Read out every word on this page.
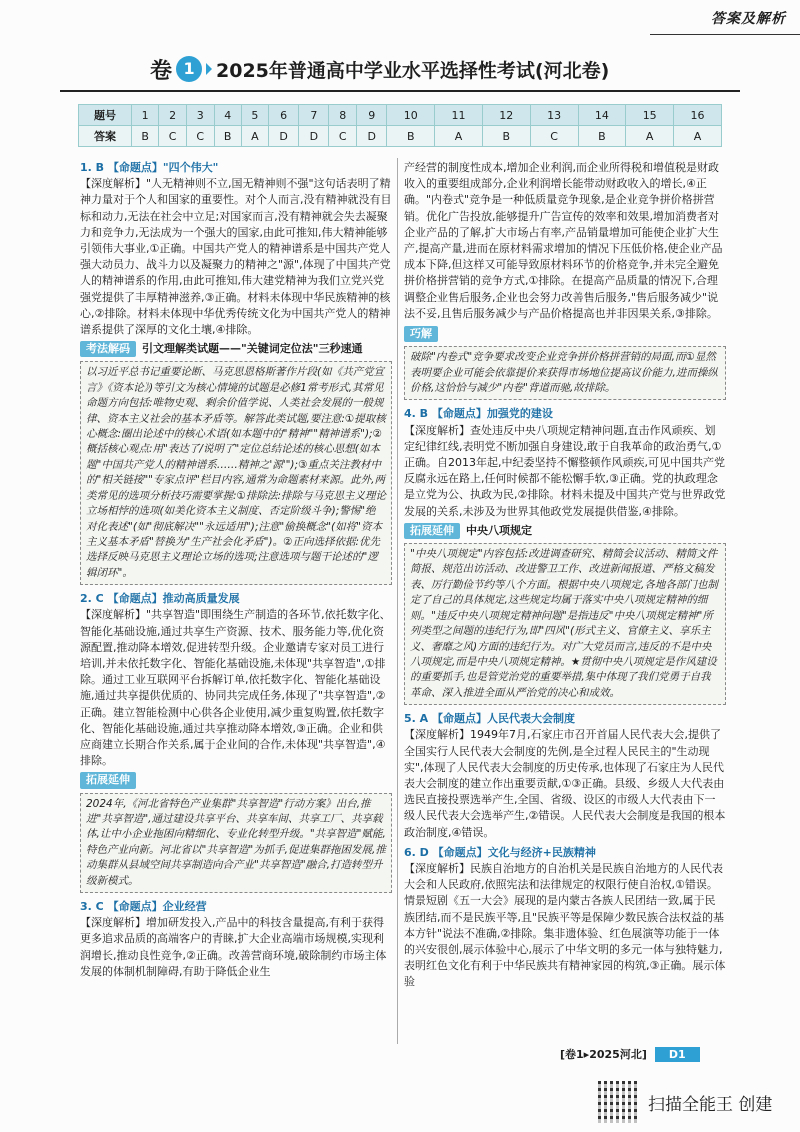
答案及解析
卷 1	2025年普通高中学业水平选择性考试(河北卷)
题号	1	2	3	4	5	6	7	8	9	10	11	12	13	14	15	16
答案	B	C	C	B	A	D	D	C	D	B	A	B	C	B	A	A
1. B 【命题点】"四个伟大"
【深度解析】"人无精神则不立,国无精神则不强"这句话表明了精神力量对于个人和国家的重要性。对个人而言,没有精神就没有目标和动力,无法在社会中立足;对国家而言,没有精神就会失去凝聚力和竞争力,无法成为一个强大的国家,由此可推知,伟大精神能够引领伟大事业,①正确。中国共产党人的精神谱系是中国共产党人强大动员力、战斗力以及凝聚力的精神之"源",体现了中国共产党人的精神谱系的作用,由此可推知,伟大建党精神为我们立党兴党强党提供了丰厚精神滋养,③正确。材料未体现中华民族精神的核心,②排除。材料未体现中华优秀传统文化为中国共产党人的精神谱系提供了深厚的文化土壤,④排除。
考法解码 引文理解类试题——"关键词定位法"三秒速通
以习近平总书记重要论断、马克思恩格斯著作片段(如《共产党宣言》《资本论》)等引文为核心情境的试题是必修1常考形式,其常见命题方向包括:唯物史观、剩余价值学说、人类社会发展的一般规律、资本主义社会的基本矛盾等。解答此类试题,要注意:①提取核心概念:圈出论述中的核心术语(如本题中的"精神""精神谱系");②概括核心观点:用"表达了/说明了"定位总结论述的核心思想(如本题"中国共产党人的精神谱系……精神之'源'");③重点关注教材中的"相关链接""专家点评"栏目内容,通常为命题素材来源。此外,两类常见的选项分析技巧需要掌握:①排除法:排除与马克思主义理论立场相悖的选项(如美化资本主义制度、否定阶级斗争);警惕"绝对化表述"(如"彻底解决""永远适用");注意"偷换概念"(如将"资本主义基本矛盾"替换为"生产社会化矛盾")。②正向选择依据:优先选择反映马克思主义理论立场的选项;注意选项与题干论述的"逻辑闭环"。
2. C 【命题点】推动高质量发展
【深度解析】"共享智造"即围绕生产制造的各环节,依托数字化、智能化基础设施,通过共享生产资源、技术、服务能力等,优化资源配置,推动降本增效,促进转型升级。企业邀请专家对员工进行培训,并未依托数字化、智能化基础设施,未体现"共享智造",①排除。通过工业互联网平台拆解订单,依托数字化、智能化基础设施,通过共享提供优质的、协同共完成任务,体现了"共享智造",②正确。建立智能检测中心供各企业使用,减少重复购置,依托数字化、智能化基础设施,通过共享推动降本增效,③正确。企业和供应商建立长期合作关系,属于企业间的合作,未体现"共享智造",④排除。
拓展延伸
2024年,《河北省特色产业集群"共享智造"行动方案》出台,推进"共享智造",通过建设共享平台、共享车间、共享工厂、共享载体,让中小企业拖困向精细化、专业化转型升级。"共享智造"赋能,特色产业向新。河北省以"共享智造"为抓手,促进集群拖困发展,推动集群从县域空间共享制造向合产业"共享智造"融合,打造转型升级新模式。
3. C 【命题点】企业经营
【深度解析】增加研发投入,产品中的科技含量提高,有利于获得更多追求品质的高端客户的青睐,扩大企业高端市场规模,实现利润增长,推动良性竞争,②正确。改善营商环境,破除制约市场主体发展的体制机制障碍,有助于降低企业生
产经营的制度性成本,增加企业利润,而企业所得税和增值税是财政收入的重要组成部分,企业利润增长能带动财政收入的增长,④正确。"内卷式"竞争是一种低质量竞争现象,是企业竞争拼价格拼营销。优化广告投放,能够提升广告宣传的效率和效果,增加消费者对企业产品的了解,扩大市场占有率,产品销量增加可能使企业扩大生产,提高产量,进而在原材料需求增加的情况下压低价格,使企业产品成本下降,但这样又可能导致原材料环节的价格竞争,并未完全避免拼价格拼营销的竞争方式,①排除。在提高产品质量的情况下,合理调整企业售后服务,企业也会努力改善售后服务,"售后服务减少"说法不妥,且售后服务减少与产品价格提高也并非因果关系,③排除。
巧解
破除"内卷式"竞争要求改变企业竞争拼价格拼营销的局面,而①显然表明要企业可能会依靠提价来获得市场地位提高议价能力,进而操纵价格,这恰恰与减少"内卷"背道而驰,故排除。
4. B 【命题点】加强党的建设
【深度解析】查处违反中央八项规定精神问题,直击作风顽疾、划定纪律红线,表明党不断加强自身建设,敢于自我革命的政治勇气,①正确。自2013年起,中纪委坚持不懈整顿作风顽疾,可见中国共产党反腐永远在路上,任何时候都不能松懈手软,③正确。党的执政理念是立党为公、执政为民,②排除。材料未提及中国共产党与世界政党发展的关系,未涉及为世界其他政党发展提供借鉴,④排除。
拓展延伸 中央八项规定
"中央八项规定"内容包括:改进调查研究、精简会议活动、精简文件简报、规范出访活动、改进警卫工作、改进新闻报道、严格文稿发表、厉行勤俭节约等八个方面。根据中央八项规定,各地各部门也制定了自己的具体规定,这些规定均属于落实中央八项规定精神的细则。"违反中央八项规定精神问题"是指违反"中央八项规定精神"所列类型之间题的违纪行为,即"四风"(形式主义、官僚主义、享乐主义、奢靡之风)方面的违纪行为。对广大党员而言,违反的不是中央八项规定,而是中央八项规定精神。★贯彻中央八项规定是作风建设的重要抓手,也是管党治党的重要举措,集中体现了我们党勇于自我革命、深入推进全面从严治党的决心和成效。
5. A 【命题点】人民代表大会制度
【深度解析】1949年7月,石家庄市召开首届人民代表大会,提供了全国实行人民代表大会制度的先例,是全过程人民民主的"生动现实",体现了人民代表大会制度的历史传承,也体现了石家庄为人民代表大会制度的建立作出重要贡献,①③正确。县级、乡级人大代表由选民直接投票选举产生,全国、省级、设区的市级人大代表由下一级人民代表大会选举产生,②错误。人民代表大会制度是我国的根本政治制度,④错误。
6. D 【命题点】文化与经济+民族精神
【深度解析】民族自治地方的自治机关是民族自治地方的人民代表大会和人民政府,依照宪法和法律规定的权限行使自治权,①错误。情景短剧《五一大会》展现的是内蒙古各族人民团结一致,属于民族团结,而不是民族平等,且"民族平等是保障少数民族合法权益的基本方针"说法不准确,②排除。集非遗体验、红色展演等功能于一体的兴安很创,展示体验中心,展示了中华文明的多元一体与独特魅力,表明红色文化有利于中华民族共有精神家园的构筑,③正确。展示体验
[卷1▸2025河北]	D1
扫描全能王 创建
